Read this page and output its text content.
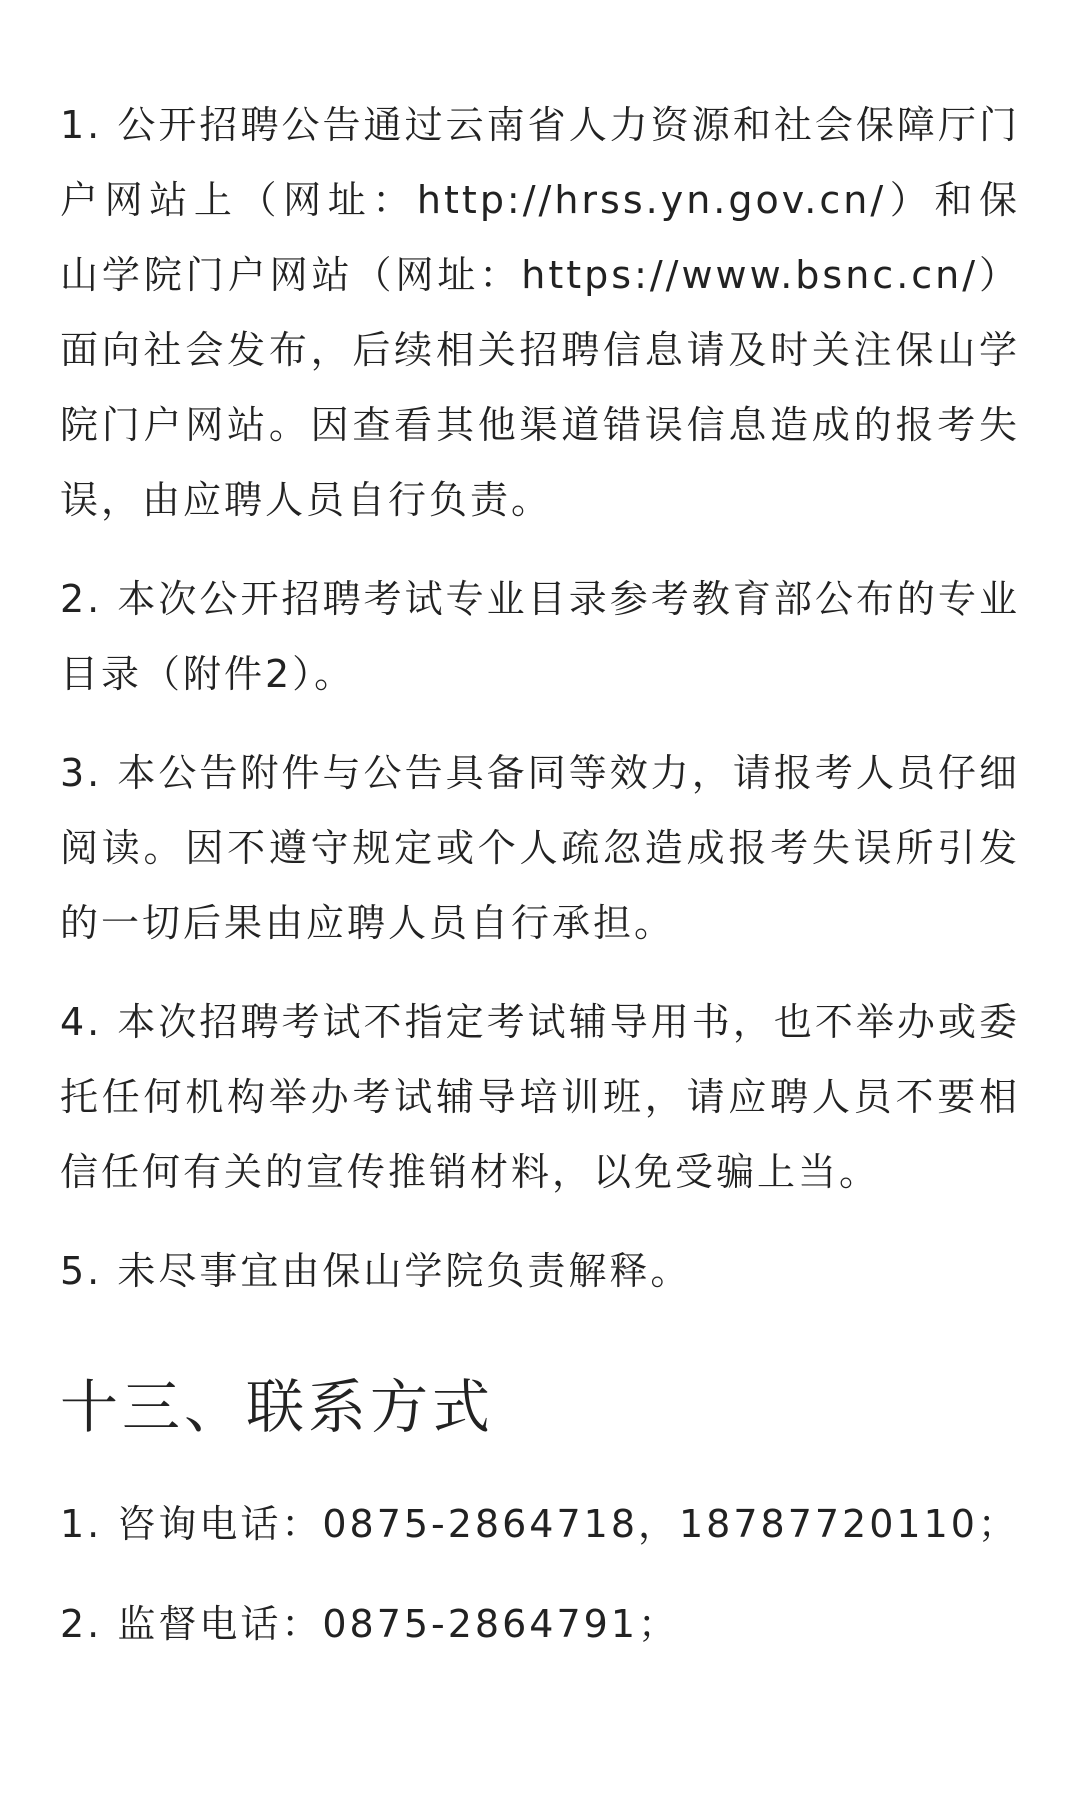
1. 公开招聘公告通过云南省人力资源和社会保障厅门户网站上（网址：http://hrss.yn.gov.cn/）和保山学院门户网站（网址：https://www.bsnc.cn/）面向社会发布，后续相关招聘信息请及时关注保山学院门户网站。因查看其他渠道错误信息造成的报考失误，由应聘人员自行负责。

2. 本次公开招聘考试专业目录参考教育部公布的专业目录（附件2）。

3. 本公告附件与公告具备同等效力，请报考人员仔细阅读。因不遵守规定或个人疏忽造成报考失误所引发的一切后果由应聘人员自行承担。

4. 本次招聘考试不指定考试辅导用书，也不举办或委托任何机构举办考试辅导培训班，请应聘人员不要相信任何有关的宣传推销材料，以免受骗上当。

5. 未尽事宜由保山学院负责解释。

十三、联系方式

1. 咨询电话：0875-2864718，18787720110；

2. 监督电话：0875-2864791；
